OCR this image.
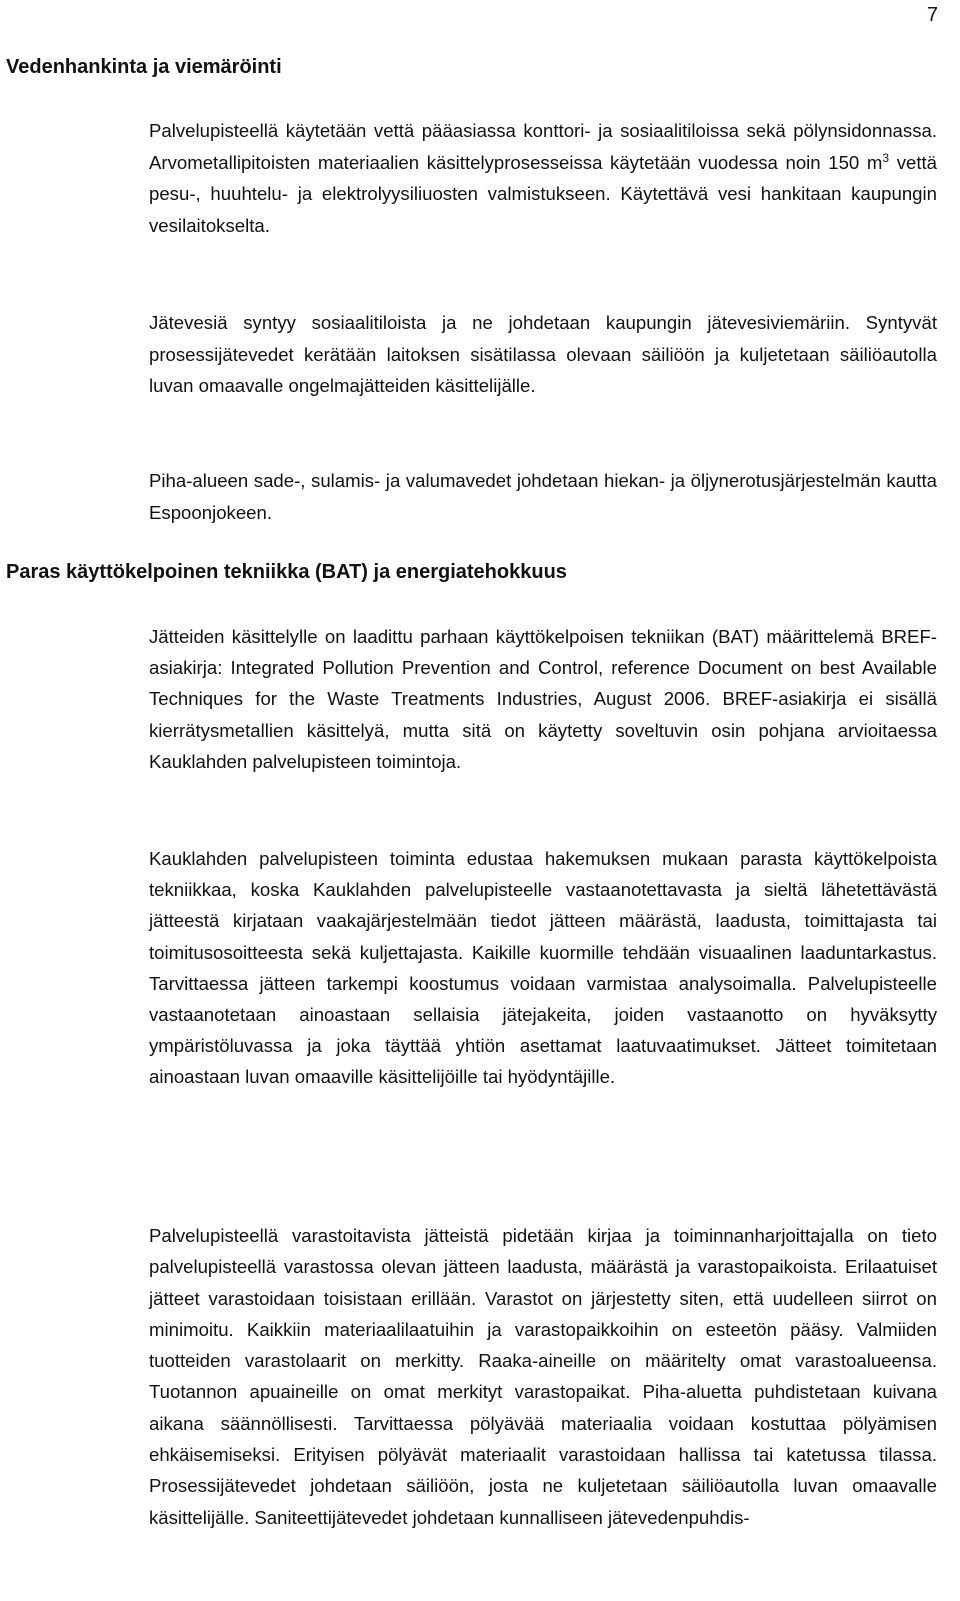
7
Vedenhankinta ja viemäröinti

Palvelupisteellä käytetään vettä pääasiassa konttori- ja sosiaalitiloissa sekä pölynsidonnassa. Arvometallipitoisten materiaalien käsittelyprosesseissa käytetään vuodessa noin 150 $m^3$ vettä pesu-, huuhtelu- ja elektrolyysiliuosten valmistukseen. Käytettävä vesi hankitaan kaupungin vesilaitokselta.

Jätevesiä syntyy sosiaalitiloista ja ne johdetaan kaupungin jätevesiviemäriin. Syntyvät prosessijätevedet kerätään laitoksen sisätilassa olevaan säiliöön ja kuljetetaan säiliöautolla luvan omaavalle ongelmajätteiden käsittelijälle.

Piha-alueen sade-, sulamis- ja valumavedet johdetaan hiekan- ja öljynerotusjärjestelmän kautta Espoonjokeen.

Paras käyttökelpoinen tekniikka (BAT) ja energiatehokkuus

Jätteiden käsittelylle on laadittu parhaan käyttökelpoisen tekniikan (BAT) määrittelemä BREF-asiakirja: Integrated Pollution Prevention and Control, reference Document on best Available Techniques for the Waste Treatments Industries, August 2006. BREF-asiakirja ei sisällä kierrätysmetallien käsittelyä, mutta sitä on käytetty soveltuvin osin pohjana arvioitaessa Kauklahden palvelupisteen toimintoja.

Kauklahden palvelupisteen toiminta edustaa hakemuksen mukaan parasta käyttökelpoista tekniikkaa, koska Kauklahden palvelupisteelle vastaanotettavasta ja sieltä lähetettävästä jätteestä kirjataan vaakajärjestelmään tiedot jätteen määrästä, laadusta, toimittajasta tai toimitusosoitteesta sekä kuljettajasta. Kaikille kuormille tehdään visuaalinen laaduntarkastus. Tarvittaessa jätteen tarkempi koostumus voidaan varmistaa analysoimalla. Palvelupisteelle vastaanotetaan ainoastaan sellaisia jätejakeita, joiden vastaanotto on hyväksytty ympäristöluvassa ja joka täyttää yhtiön asettamat laatuvaatimukset. Jätteet toimitetaan ainoastaan luvan omaaville käsittelijöille tai hyödyntäjille.

Palvelupisteellä varastoitavista jätteistä pidetään kirjaa ja toiminnanharjoittajalla on tieto palvelupisteellä varastossa olevan jätteen laadusta, määrästä ja varastopaikoista. Erilaatuiset jätteet varastoidaan toisistaan erillään. Varastot on järjestetty siten, että uudelleen siirrot on minimoitu. Kaikkiin materiaalilaatuihin ja varastopaikkoihin on esteetön pääsy. Valmiiden tuotteiden varastolaarit on merkitty. Raaka-aineille on määritelty omat varastoalueensa. Tuotannon apuaineille on omat merkityt varastopaikat. Piha-aluetta puhdistetaan kuivana aikana säännöllisesti. Tarvittaessa pölyävää materiaalia voidaan kostuttaa pölyämisen ehkäisemiseksi. Erityisen pölyävät materiaalit varastoidaan hallissa tai katetussa tilassa. Prosessijätevedet johdetaan säiliöön, josta ne kuljetetaan säiliöautolla luvan omaavalle käsittelijälle. Saniteettijätevedet johdetaan kunnalliseen jätevedenpuhdis-
